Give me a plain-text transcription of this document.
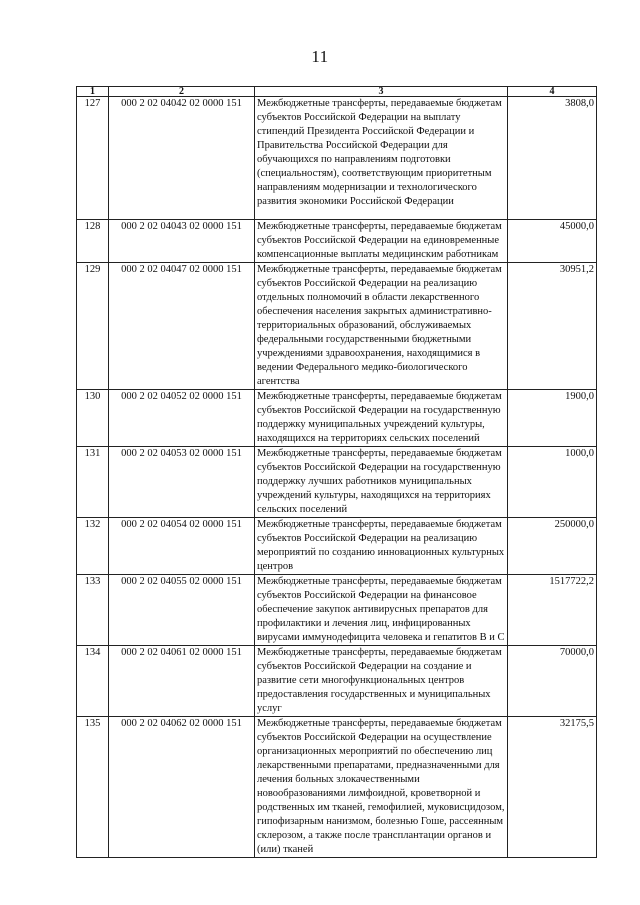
11
1	2	3	4
127	000 2 02 04042 02 0000 151	Межбюджетные трансферты, передаваемые бюджетам субъектов Российской Федерации на выплату стипендий Президента Российской Федерации и Правительства Российской Федерации для обучающихся по направлениям подготовки (специальностям), соответствующим приоритетным направлениям модернизации и технологического развития экономики Российской Федерации	3808,0
128	000 2 02 04043 02 0000 151	Межбюджетные трансферты, передаваемые бюджетам субъектов Российской Федерации на единовременные компенсационные выплаты медицинским работникам	45000,0
129	000 2 02 04047 02 0000 151	Межбюджетные трансферты, передаваемые бюджетам субъектов Российской Федерации на реализацию отдельных полномочий в области лекарственного обеспечения населения закрытых административно-территориальных образований, обслуживаемых федеральными государственными бюджетными учреждениями здравоохранения, находящимися в ведении Федерального медико-биологического агентства	30951,2
130	000 2 02 04052 02 0000 151	Межбюджетные трансферты, передаваемые бюджетам субъектов Российской Федерации на государственную поддержку муниципальных учреждений культуры, находящихся на территориях сельских поселений	1900,0
131	000 2 02 04053 02 0000 151	Межбюджетные трансферты, передаваемые бюджетам субъектов Российской Федерации на государственную поддержку лучших работников муниципальных учреждений культуры, находящихся на территориях сельских поселений	1000,0
132	000 2 02 04054 02 0000 151	Межбюджетные трансферты, передаваемые бюджетам субъектов Российской Федерации на реализацию мероприятий по созданию инновационных культурных центров	250000,0
133	000 2 02 04055 02 0000 151	Межбюджетные трансферты, передаваемые бюджетам субъектов Российской Федерации на финансовое обеспечение закупок антивирусных препаратов для профилактики и лечения лиц, инфицированных вирусами иммунодефицита человека и гепатитов В и С	1517722,2
134	000 2 02 04061 02 0000 151	Межбюджетные трансферты, передаваемые бюджетам субъектов Российской Федерации на создание и развитие сети многофункциональных центров предоставления государственных и муниципальных услуг	70000,0
135	000 2 02 04062 02 0000 151	Межбюджетные трансферты, передаваемые бюджетам субъектов Российской Федерации на осуществление организационных мероприятий по обеспечению лиц лекарственными препаратами, предназначенными для лечения больных злокачественными новообразованиями лимфоидной, кроветворной и родственных им тканей, гемофилией, муковисцидозом, гипофизарным нанизмом, болезнью Гоше, рассеянным склерозом, а также после трансплантации органов и (или) тканей	32175,5
